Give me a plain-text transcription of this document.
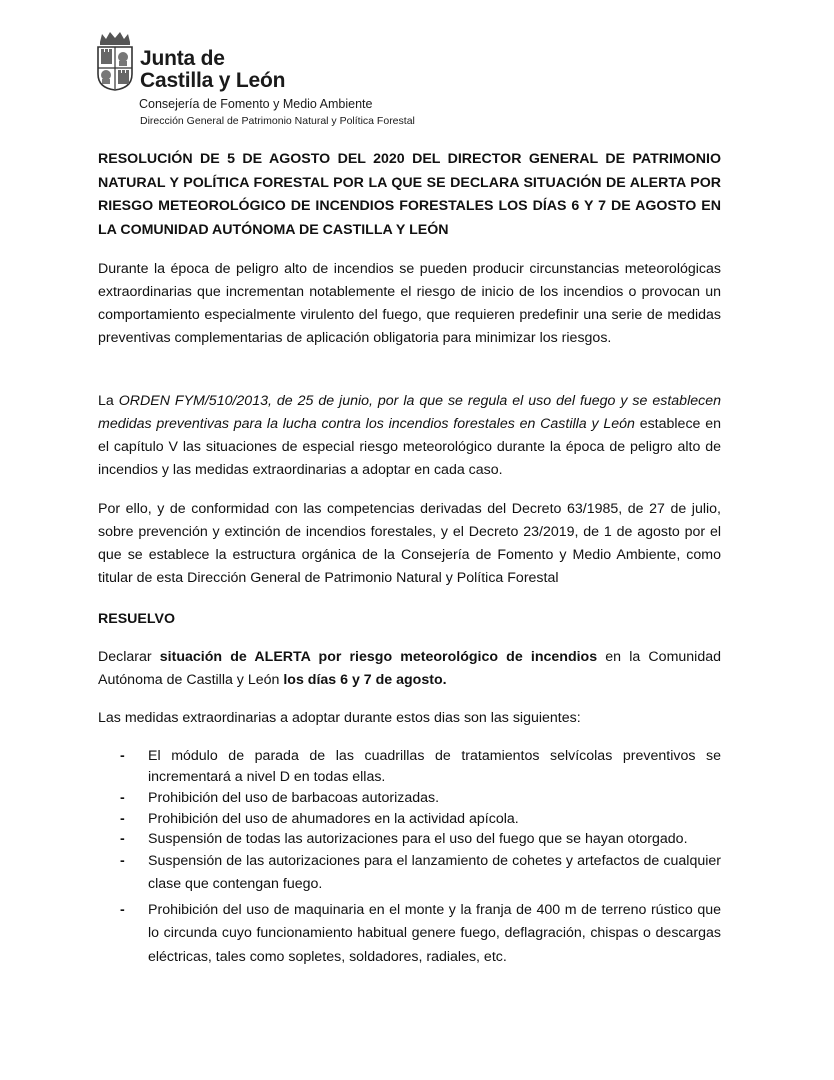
Junta de
Castilla y León
Consejería de Fomento y Medio Ambiente
Dirección General de Patrimonio Natural y Política Forestal
RESOLUCIÓN DE 5 DE AGOSTO DEL 2020 DEL DIRECTOR GENERAL DE PATRIMONIO NATURAL Y POLÍTICA FORESTAL POR LA QUE SE DECLARA SITUACIÓN DE ALERTA POR RIESGO METEOROLÓGICO DE INCENDIOS FORESTALES LOS DÍAS 6 Y 7 DE AGOSTO EN LA COMUNIDAD AUTÓNOMA DE CASTILLA Y LEÓN

Durante la época de peligro alto de incendios se pueden producir circunstancias meteorológicas extraordinarias que incrementan notablemente el riesgo de inicio de los incendios o provocan un comportamiento especialmente virulento del fuego, que requieren predefinir una serie de medidas preventivas complementarias de aplicación obligatoria para minimizar los riesgos.

La ORDEN FYM/510/2013, de 25 de junio, por la que se regula el uso del fuego y se establecen medidas preventivas para la lucha contra los incendios forestales en Castilla y León establece en el capítulo V las situaciones de especial riesgo meteorológico durante la época de peligro alto de incendios y las medidas extraordinarias a adoptar en cada caso.

Por ello, y de conformidad con las competencias derivadas del Decreto 63/1985, de 27 de julio, sobre prevención y extinción de incendios forestales, y el Decreto 23/2019, de 1 de agosto por el que se establece la estructura orgánica de la Consejería de Fomento y Medio Ambiente, como titular de esta Dirección General de Patrimonio Natural y Política Forestal

RESUELVO

Declarar situación de ALERTA por riesgo meteorológico de incendios en la Comunidad Autónoma de Castilla y León los días 6 y 7 de agosto.

Las medidas extraordinarias a adoptar durante estos dias son las siguientes:

- El módulo de parada de las cuadrillas de tratamientos selvícolas preventivos se incrementará a nivel D en todas ellas.
- Prohibición del uso de barbacoas autorizadas.
- Prohibición del uso de ahumadores en la actividad apícola.
- Suspensión de todas las autorizaciones para el uso del fuego que se hayan otorgado.
- Suspensión de las autorizaciones para el lanzamiento de cohetes y artefactos de cualquier clase que contengan fuego.
- Prohibición del uso de maquinaria en el monte y la franja de 400 m de terreno rústico que lo circunda cuyo funcionamiento habitual genere fuego, deflagración, chispas o descargas eléctricas, tales como sopletes, soldadores, radiales, etc.
